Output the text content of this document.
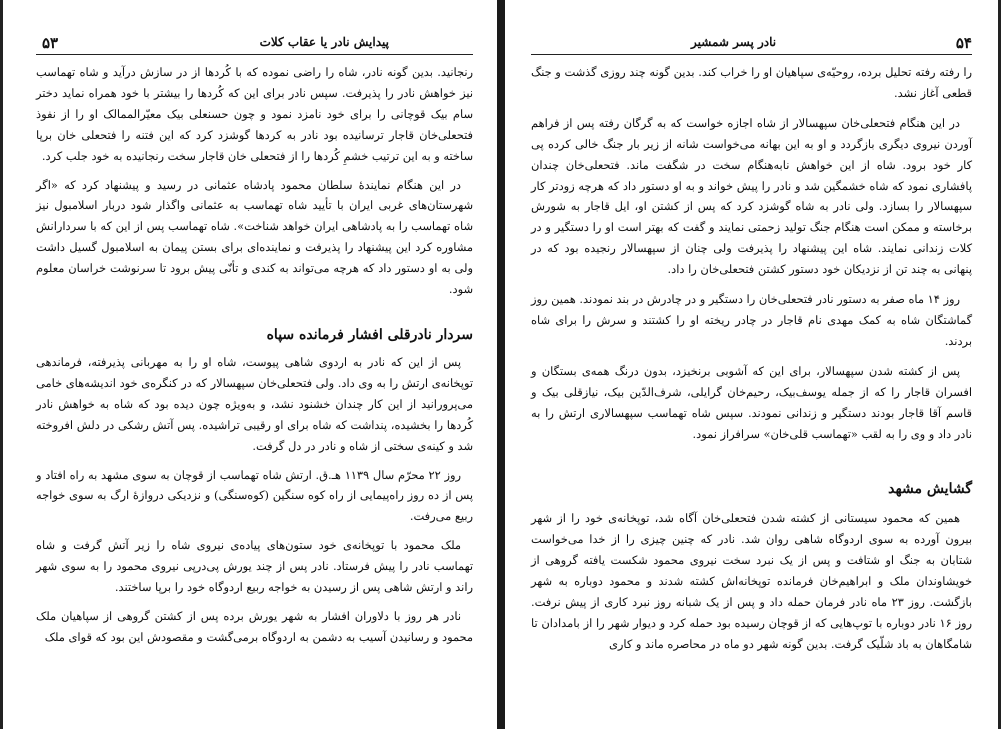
۵۳	پیدایش نادر یا عقاب کلات

رنجانید. بدین گونه نادر، شاه را راضی نموده که با کُردها از در سازش درآید و شاه تهماسب نیز خواهش نادر را پذیرفت. سپس نادر برای این که کُردها را بیشتر با خود همراه نماید دختر سام بیک قوچانی را برای خود نامزد نمود و چون حسنعلی بیک معیّرالممالک او را از نفوذ فتحعلی‌خان قاجار ترسانیده بود نادر به کردها گوشزد کرد که این فتنه را فتحعلی خان برپا ساخته و به این ترتیب خشمِ کُردها را از فتحعلی خان قاجار سخت رنجانیده به خود جلب کرد.

در این هنگام نمایندهٔ سلطان محمود پادشاه عثمانی در رسید و پیشنهاد کرد که «اگر شهرستان‌های غربی ایران با تأیید شاه تهماسب به عثمانی واگذار شود دربار اسلامبول نیز شاه تهماسب را به پادشاهی ایران خواهد شناخت». شاه تهماسب پس از این که با سردارانش مشاوره کرد این پیشنهاد را پذیرفت و نماینده‌ای برای بستن پیمان به اسلامبول گسیل داشت ولی به او دستور داد که هرچه می‌تواند به کندی و تأنّی پیش برود تا سرنوشت خراسان معلوم شود.

سردار نادرقلی افشار فرمانده سپاه

پس از این که نادر به اردوی شاهی پیوست، شاه او را به مهربانی پذیرفته، فرماندهی توپخانه‌ی ارتش را به وی داد. ولی فتحعلی‌خان سپهسالار که در کنگره‌ی خود اندیشه‌های خامی می‌پرورانید از این کار چندان خشنود نشد، و به‌ویژه چون دیده بود که شاه به خواهش نادر کُردها را بخشیده، پنداشت که شاه برای او رقیبی تراشیده. پس آتش رشکی در دلش افروخته شد و کینه‌ی سختی از شاه و نادر در دل گرفت.

روز ۲۲ محرّم سال ۱۱۳۹ هـ.ق. ارتش شاه تهماسب از قوچان به سوی مشهد به راه افتاد و پس از ده روز راه‌پیمایی از راه کوه سنگین (کوه‌سنگی) و نزدیکی دروازهٔ ارگ به سوی خواجه ربیع می‌رفت.

ملک محمود با توپخانه‌ی خود ستون‌های پیاده‌ی نیروی شاه را زیر آتش گرفت و شاه تهماسب نادر را پیش فرستاد. نادر پس از چند یورش پی‌درپی نیروی محمود را به سوی شهر راند و ارتش شاهی پس از رسیدن به خواجه ربیع اردوگاه خود را برپا ساختند.

نادر هر روز با دلاوران افشار به شهر یورش برده پس از کشتن گروهی از سپاهیان ملک محمود و رسانیدن آسیب به دشمن به اردوگاه برمی‌گشت و مقصودش این بود که قوای ملک

۵۴
نادر پسر شمشیر

را رفته رفته تحلیل برده، روحیّه‌ی سپاهیان او را خراب کند. بدین گونه چند روزی گذشت و جنگ قطعی آغاز نشد.

در این هنگام فتحعلی‌خان سپهسالار از شاه اجازه خواست که به گرگان رفته پس از فراهم آوردن نیروی دیگری بازگردد و او به این بهانه می‌خواست شانه از زیر بار جنگ خالی کرده پی کار خود برود. شاه از این خواهش نابه‌هنگام سخت در شگفت ماند. فتحعلی‌خان چندان پافشاری نمود که شاه خشمگین شد و نادر را پیش خواند و به او دستور داد که هرچه زودتر کار سپهسالار را بسازد. ولی نادر به شاه گوشزد کرد که پس از کشتن او، ایل قاجار به شورش برخاسته و ممکن است هنگام جنگ تولید زحمتی نمایند و گفت که بهتر است او را دستگیر و در کلات زندانی نمایند. شاه این پیشنهاد را پذیرفت ولی چنان از سپهسالار رنجیده بود که در پنهانی به چند تن از نزدیکان خود دستور کشتن فتحعلی‌خان را داد.

روز ۱۴ ماه صفر به دستور نادر فتحعلی‌خان را دستگیر و در چادرش در بند نمودند. همین روز گماشتگان شاه به کمک مهدی نام قاجار در چادر ریخته او را کشتند و سرش را برای شاه بردند.

پس از کشته شدن سپهسالار، برای این که آشوبی برنخیزد، بدون درنگ همه‌ی بستگان و افسران قاجار را که از جمله یوسف‌بیک، رحیم‌خان گرایلی، شرف‌الدّین بیک، نیازقلی بیک و قاسم آقا قاجار بودند دستگیر و زندانی نمودند. سپس شاه تهماسب سپهسالاری ارتش را به نادر داد و وی را به لقب «تهماسب قلی‌خان» سرافراز نمود.

گشایش مشهد

همین که محمود سیستانی از کشته شدن فتحعلی‌خان آگاه شد، توپخانه‌ی خود را از شهر بیرون آورده به سوی اردوگاه شاهی روان شد. نادر که چنین چیزی را از خدا می‌خواست شتابان به جنگ او شتافت و پس از یک نبرد سخت نیروی محمود شکست یافته گروهی از خویشاوندان ملک و ابراهیم‌خان فرمانده توپخانه‌اش کشته شدند و محمود دوباره به شهر بازگشت. روز ۲۳ ماه نادر فرمان حمله داد و پس از یک شبانه روز نبرد کاری از پیش نرفت. روز ۱۶ نادر دوباره با توپ‌هایی که از قوچان رسیده بود حمله کرد و دیوار شهر را از بامدادان تا شامگاهان به باد شلّیک گرفت. بدین گونه شهر دو ماه در محاصره ماند و کاری
